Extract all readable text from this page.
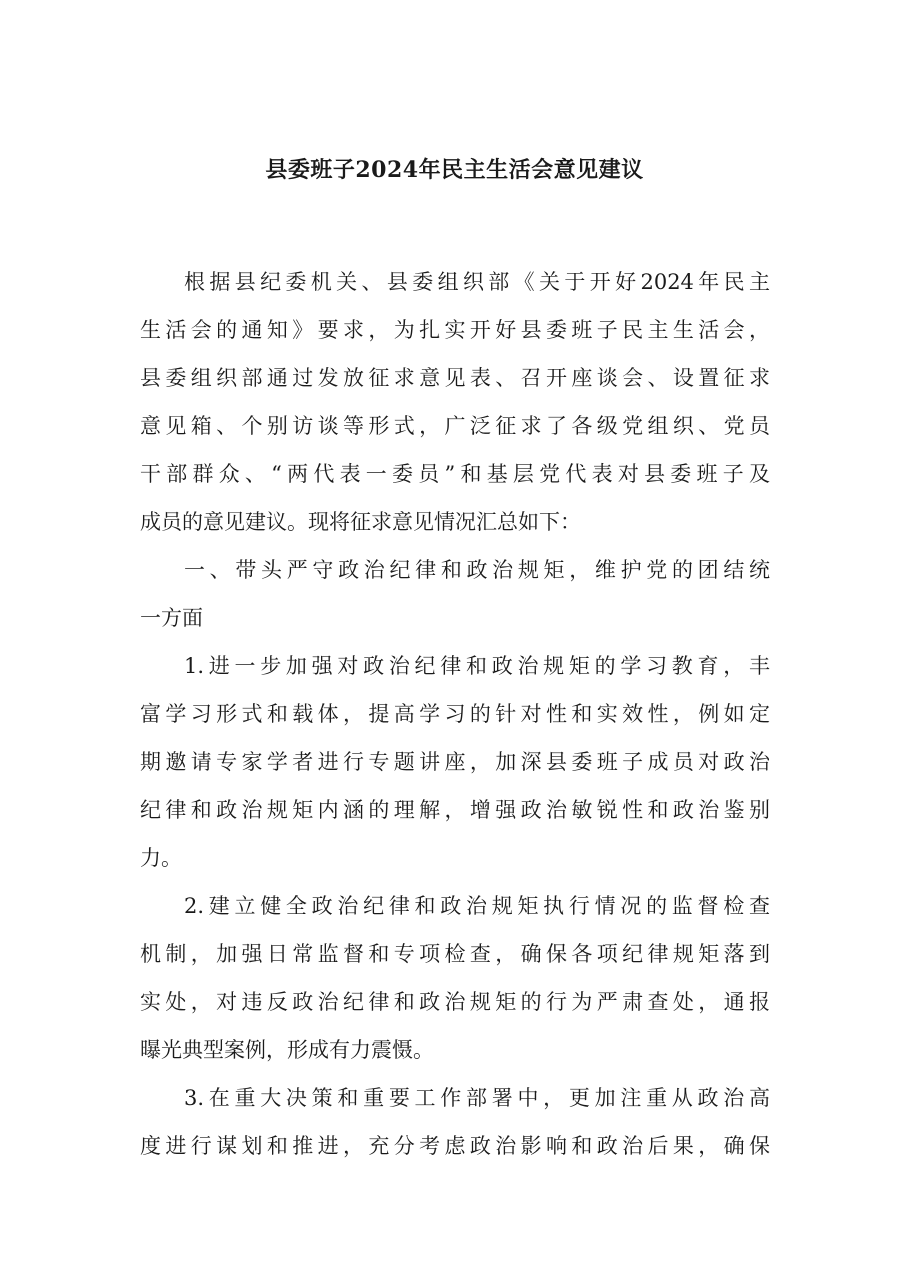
县委班子2024年民主生活会意见建议
根据县纪委机关、县委组织部《关于开好2024年民主
生活会的通知》要求，为扎实开好县委班子民主生活会，
县委组织部通过发放征求意见表、召开座谈会、设置征求
意见箱、个别访谈等形式，广泛征求了各级党组织、党员
干部群众、“两代表一委员”和基层党代表对县委班子及
成员的意见建议。现将征求意见情况汇总如下：
一、带头严守政治纪律和政治规矩，维护党的团结统
一方面
1.进一步加强对政治纪律和政治规矩的学习教育，丰
富学习形式和载体，提高学习的针对性和实效性，例如定
期邀请专家学者进行专题讲座，加深县委班子成员对政治
纪律和政治规矩内涵的理解，增强政治敏锐性和政治鉴别
力。
2.建立健全政治纪律和政治规矩执行情况的监督检查
机制，加强日常监督和专项检查，确保各项纪律规矩落到
实处，对违反政治纪律和政治规矩的行为严肃查处，通报
曝光典型案例，形成有力震慑。
3.在重大决策和重要工作部署中，更加注重从政治高
度进行谋划和推进，充分考虑政治影响和政治后果，确保
